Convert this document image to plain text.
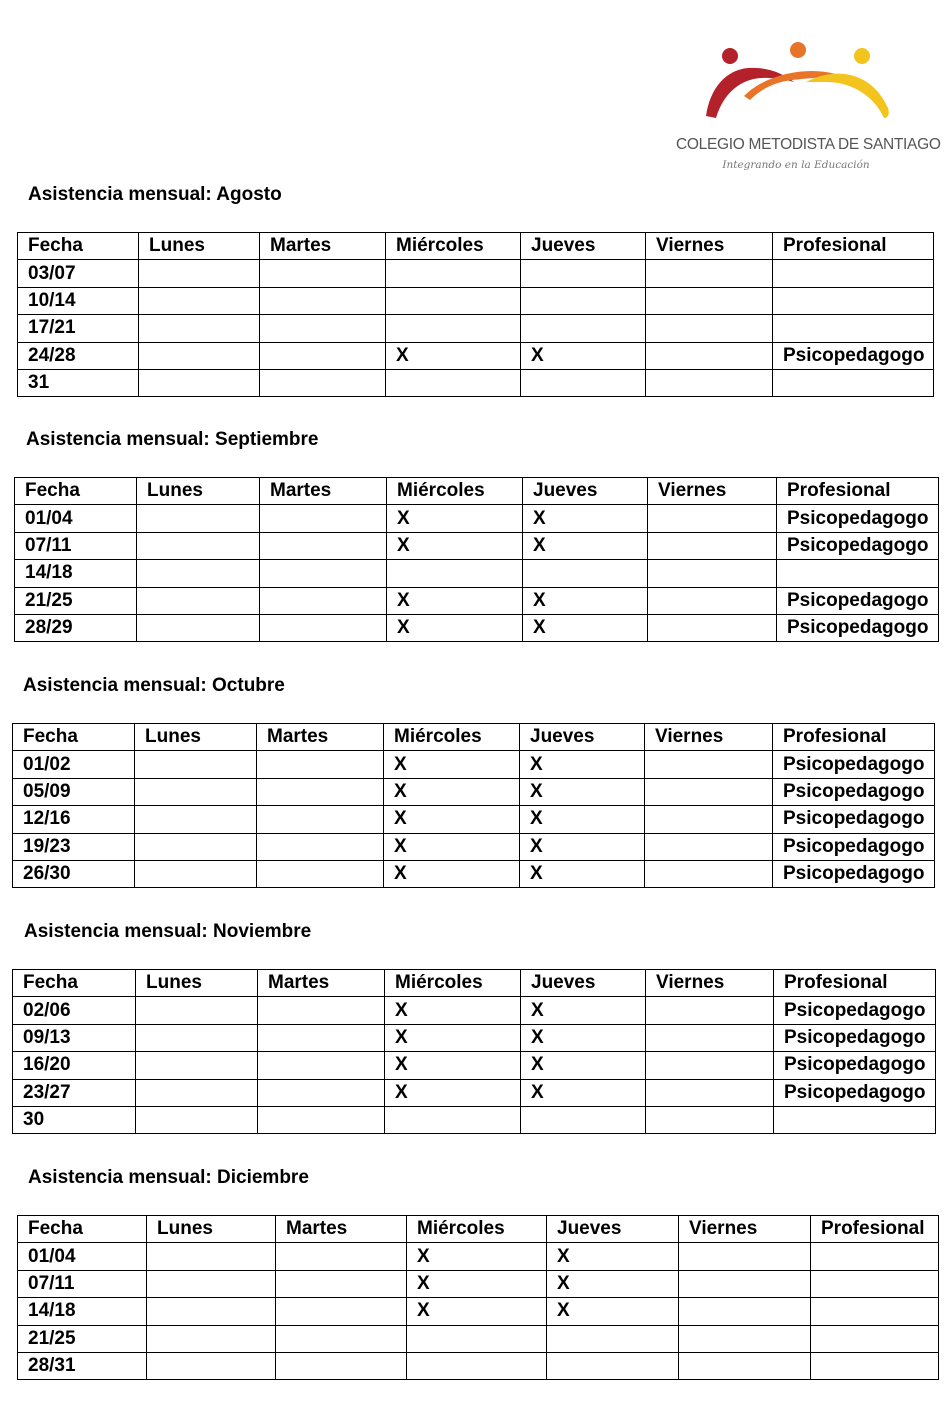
COLEGIO METODISTA DE SANTIAGO
Integrando en la Educación
Asistencia mensual: Agosto
Fecha	Lunes	Martes	Miércoles	Jueves	Viernes	Profesional
03/07						
10/14						
17/21						
24/28			X	X		Psicopedagogo
31						
Asistencia mensual: Septiembre
Fecha	Lunes	Martes	Miércoles	Jueves	Viernes	Profesional
01/04			X	X		Psicopedagogo
07/11			X	X		Psicopedagogo
14/18						
21/25			X	X		Psicopedagogo
28/29			X	X		Psicopedagogo
Asistencia mensual: Octubre
Fecha	Lunes	Martes	Miércoles	Jueves	Viernes	Profesional
01/02			X	X		Psicopedagogo
05/09			X	X		Psicopedagogo
12/16			X	X		Psicopedagogo
19/23			X	X		Psicopedagogo
26/30			X	X		Psicopedagogo
Asistencia mensual: Noviembre
Fecha	Lunes	Martes	Miércoles	Jueves	Viernes	Profesional
02/06			X	X		Psicopedagogo
09/13			X	X		Psicopedagogo
16/20			X	X		Psicopedagogo
23/27			X	X		Psicopedagogo
30						
Asistencia mensual: Diciembre
Fecha	Lunes	Martes	Miércoles	Jueves	Viernes	Profesional
01/04			X	X		
07/11			X	X		
14/18			X	X		
21/25						
28/31						
